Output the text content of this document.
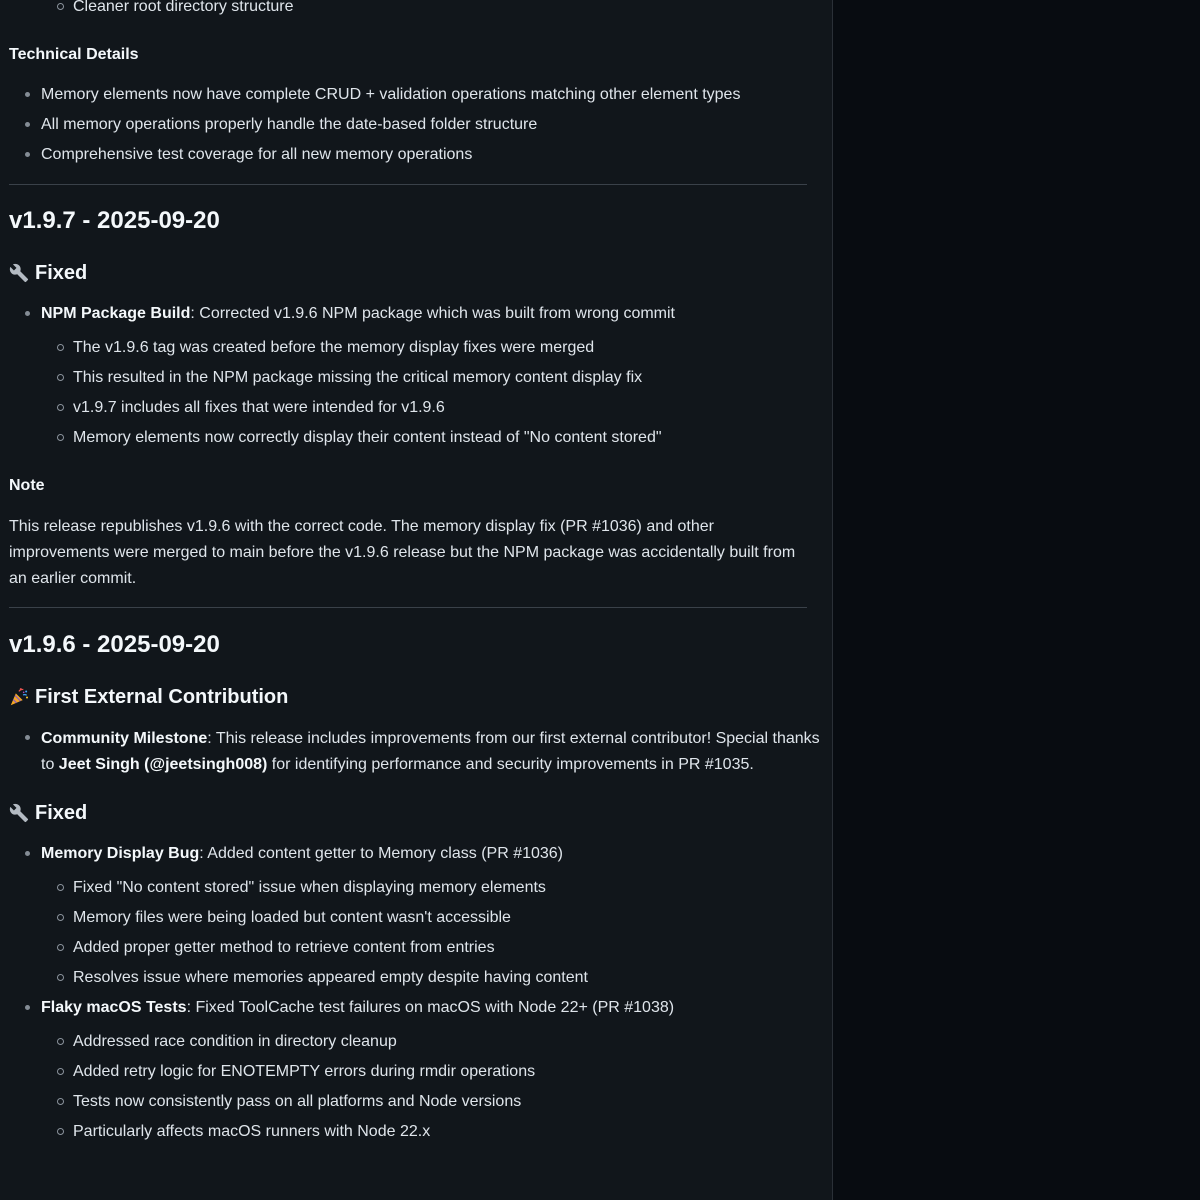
Cleaner root directory structure
Technical Details
Memory elements now have complete CRUD + validation operations matching other element types
All memory operations properly handle the date-based folder structure
Comprehensive test coverage for all new memory operations
v1.9.7 - 2025-09-20
Fixed
NPM Package Build: Corrected v1.9.6 NPM package which was built from wrong commit
The v1.9.6 tag was created before the memory display fixes were merged
This resulted in the NPM package missing the critical memory content display fix
v1.9.7 includes all fixes that were intended for v1.9.6
Memory elements now correctly display their content instead of "No content stored"
Note

This release republishes v1.9.6 with the correct code. The memory display fix (PR #1036) and other improvements were merged to main before the v1.9.6 release but the NPM package was accidentally built from an earlier commit.

v1.9.6 - 2025-09-20
First External Contribution
Community Milestone: This release includes improvements from our first external contributor! Special thanks to Jeet Singh (@jeetsingh008) for identifying performance and security improvements in PR #1035.
Fixed
Memory Display Bug: Added content getter to Memory class (PR #1036)
Fixed "No content stored" issue when displaying memory elements
Memory files were being loaded but content wasn't accessible
Added proper getter method to retrieve content from entries
Resolves issue where memories appeared empty despite having content
Flaky macOS Tests: Fixed ToolCache test failures on macOS with Node 22+ (PR #1038)
Addressed race condition in directory cleanup
Added retry logic for ENOTEMPTY errors during rmdir operations
Tests now consistently pass on all platforms and Node versions
Particularly affects macOS runners with Node 22.x
